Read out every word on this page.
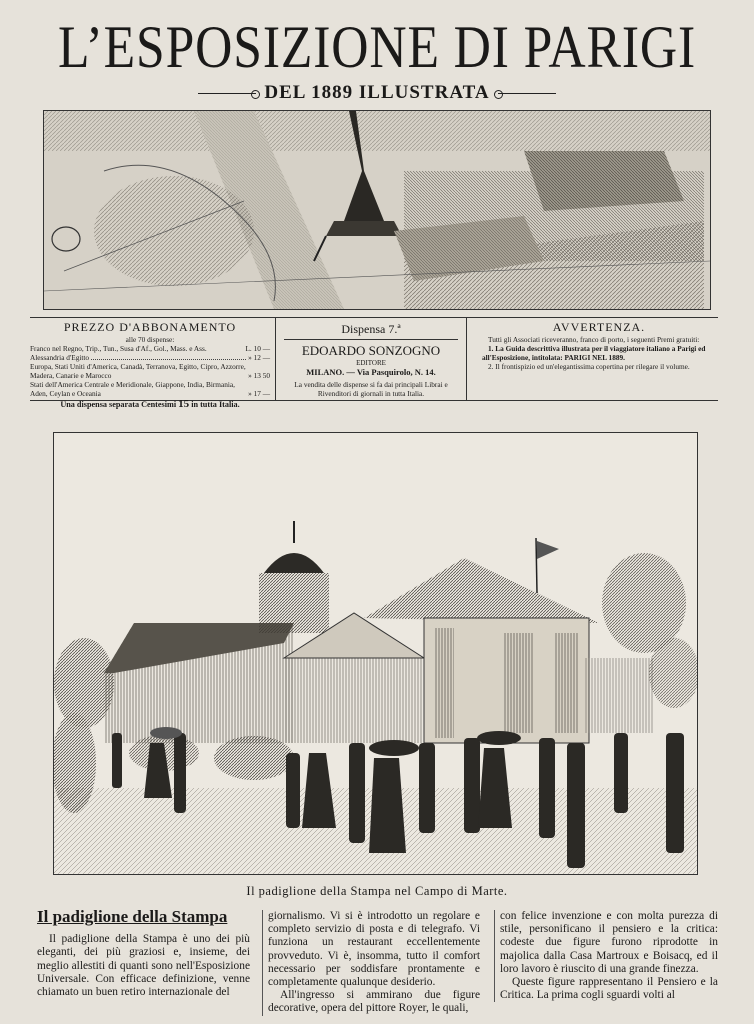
L’ESPOSIZIONE DI PARIGI
DEL 1889 ILLUSTRATA
PREZZO D'ABBONAMENTO
alle 70 dispense:
Franco nel Regno, Trip., Tun., Susa d'Af., Gol., Mass. e Ass.	L. 10 —
Alessandria d'Egitto	» 12 —
Europa, Stati Uniti d'America, Canadà, Terranova, Egitto, Cipro, Azzorre, Madera, Canarie e Marocco	» 13 50
Stati dell'America Centrale e Meridionale, Giappone, India, Birmania, Aden, Ceylan e Oceania	» 17 —
Una dispensa separata Centesimi 15 in tutta Italia.
Dispensa 7.ª
EDOARDO SONZOGNO
EDITORE
MILANO. — Via Pasquirolo, N. 14.
La vendita delle dispense si fa dai principali Librai e Rivenditori di giornali in tutta Italia.
AVVERTENZA.
Tutti gli Associati riceveranno, franco di porto, i seguenti Premi gratuiti:
1. La Guida descrittiva illustrata per il viaggiatore italiano a Parigi ed all'Esposizione, intitolata: PARIGI NEL 1889.
2. Il frontispizio ed un'elegantissima copertina per rilegare il volume.
Il padiglione della Stampa nel Campo di Marte.
Il padiglione della Stampa

Il padiglione della Stampa è uno dei più eleganti, dei più graziosi e, insieme, dei meglio allestiti di quanti sono nell'Esposizione Universale. Con efficace definizione, venne chiamato un buen retiro internazionale del

giornalismo. Vi si è introdotto un regolare e completo servizio di posta e di telegrafo. Vi funziona un restaurant eccellentemente provveduto. Vi è, insomma, tutto il comfort necessario per soddisfare prontamente e completamente qualunque desiderio.

All'ingresso si ammirano due figure decorative, opera del pittore Royer, le quali,

con felice invenzione e con molta purezza di stile, personificano il pensiero e la critica: codeste due figure furono riprodotte in majolica dalla Casa Martroux e Boisacq, ed il loro lavoro è riuscito di una grande finezza.

Queste figure rappresentano il Pensiero e la Critica. La prima cogli sguardi volti al
